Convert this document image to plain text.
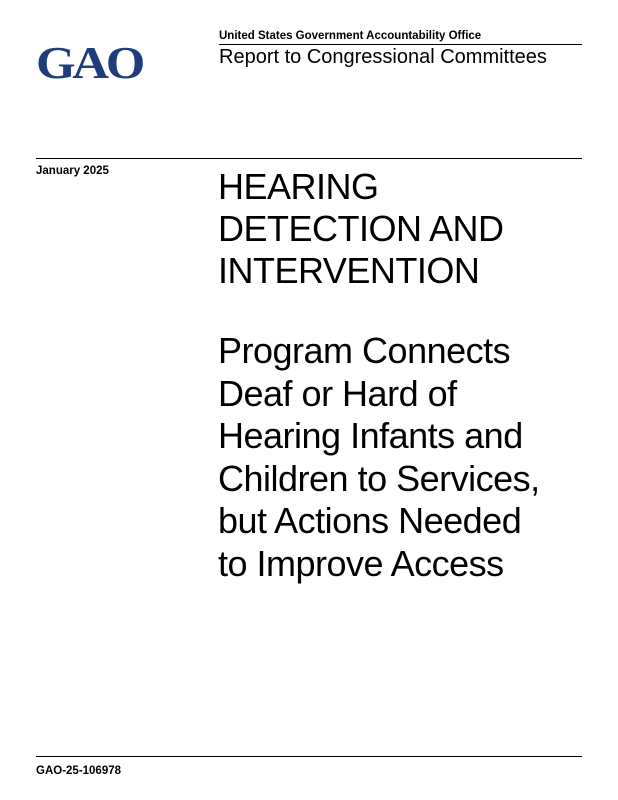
GAO
United States Government Accountability Office
Report to Congressional Committees
January 2025	HEARING
DETECTION AND
INTERVENTION
Program Connects
Deaf or Hard of
Hearing Infants and
Children to Services,
but Actions Needed
to Improve Access
GAO-25-106978
